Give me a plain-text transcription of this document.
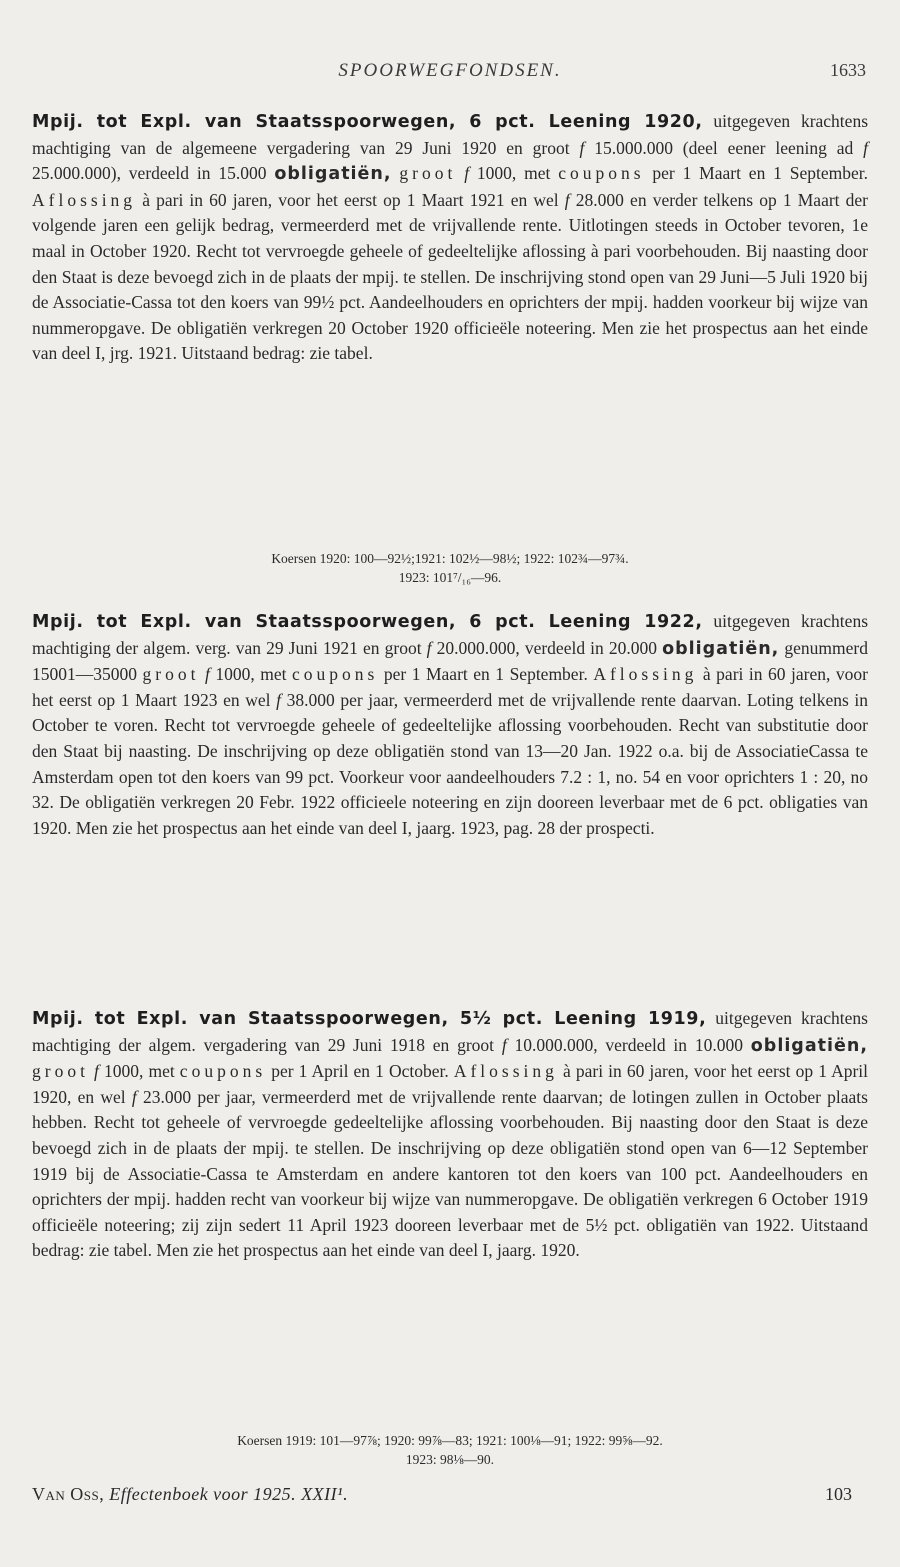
SPOORWEGFONDSEN.	1633
Mpij. tot Expl. van Staatsspoorwegen, 6 pct. Leening 1920, uitgegeven krachtens machtiging van de algemeene vergadering van 29 Juni 1920 en groot f 15.000.000 (deel eener leening ad f 25.000.000), verdeeld in 15.000 obligatiën, groot f 1000, met coupons per 1 Maart en 1 September. Aflossing à pari in 60 jaren, voor het eerst op 1 Maart 1921 en wel f 28.000 en verder telkens op 1 Maart der volgende jaren een gelijk bedrag, vermeerderd met de vrijvallende rente. Uitlotingen steeds in October tevoren, 1e maal in October 1920. Recht tot vervroegde geheele of gedeeltelijke aflossing à pari voorbehouden. Bij naasting door den Staat is deze bevoegd zich in de plaats der mpij. te stellen. De inschrijving stond open van 29 Juni—5 Juli 1920 bij de Associatie-Cassa tot den koers van 99½ pct. Aandeelhouders en oprichters der mpij. hadden voorkeur bij wijze van nummeropgave. De obligatiën verkregen 20 October 1920 officieële noteering. Men zie het prospectus aan het einde van deel I, jrg. 1921. Uitstaand bedrag: zie tabel.
Koersen 1920: 100—92½;1921: 102½—98½; 1922: 102¾—97¾.
1923: 101⁷/₁₆—96.
Mpij. tot Expl. van Staatsspoorwegen, 6 pct. Leening 1922, uitgegeven krachtens machtiging der algem. verg. van 29 Juni 1921 en groot f 20.000.000, verdeeld in 20.000 obligatiën, genummerd 15001—35000 groot f 1000, met coupons per 1 Maart en 1 September. Aflossing à pari in 60 jaren, voor het eerst op 1 Maart 1923 en wel f 38.000 per jaar, vermeerderd met de vrijvallende rente daarvan. Loting telkens in October te voren. Recht tot vervroegde geheele of gedeeltelijke aflossing voorbehouden. Recht van substitutie door den Staat bij naasting. De inschrijving op deze obligatiën stond van 13—20 Jan. 1922 o.a. bij de AssociatieCassa te Amsterdam open tot den koers van 99 pct. Voorkeur voor aandeelhouders 7.2 : 1, no. 54 en voor oprichters 1 : 20, no 32. De obligatiën verkregen 20 Febr. 1922 officieele noteering en zijn dooreen leverbaar met de 6 pct. obligaties van 1920. Men zie het prospectus aan het einde van deel I, jaarg. 1923, pag. 28 der prospecti.
Mpij. tot Expl. van Staatsspoorwegen, 5½ pct. Leening 1919, uitgegeven krachtens machtiging der algem. vergadering van 29 Juni 1918 en groot f 10.000.000, verdeeld in 10.000 obligatiën, groot f 1000, met coupons per 1 April en 1 October. Aflossing à pari in 60 jaren, voor het eerst op 1 April 1920, en wel f 23.000 per jaar, vermeerderd met de vrijvallende rente daarvan; de lotingen zullen in October plaats hebben. Recht tot geheele of vervroegde gedeeltelijke aflossing voorbehouden. Bij naasting door den Staat is deze bevoegd zich in de plaats der mpij. te stellen. De inschrijving op deze obligatiën stond open van 6—12 September 1919 bij de Associatie-Cassa te Amsterdam en andere kantoren tot den koers van 100 pct. Aandeelhouders en oprichters der mpij. hadden recht van voorkeur bij wijze van nummeropgave. De obligatiën verkregen 6 October 1919 officieële noteering; zij zijn sedert 11 April 1923 dooreen leverbaar met de 5½ pct. obligatiën van 1922. Uitstaand bedrag: zie tabel. Men zie het prospectus aan het einde van deel I, jaarg. 1920.
Koersen 1919: 101—97⅞; 1920: 99⅞—83; 1921: 100⅛—91; 1922: 99⅝—92.
1923: 98⅛—90.
Van Oss, Effectenboek voor 1925. XXII¹.	103
